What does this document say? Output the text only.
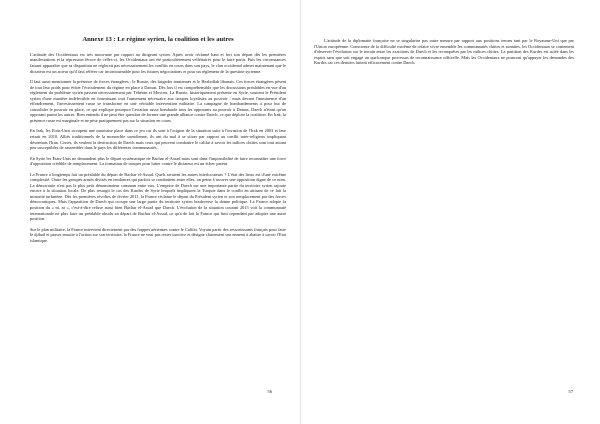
Annexe 13 : Le régime syrien, la coalition et les autres

L'attitude des Occidentaux est très mouvante par rapport au dirigeant syrien. Après avoir réclamé haut et fort son départ dès les premières manifestations et la répression féroce de celles-ci, les Occidentaux ont été particulièrement velléitaires pour le faire partir. Puis les circonstances faisant apparaître que sa disparition ne réglerait pas nécessairement les conflits en cours dans son pays, le clan occidental admet maintenant que le dictateur est un acteur qu'il faut référer car incontournable pour les futures négociations et pour un règlement de la question syrienne.

Il faut aussi mentionner la présence de forces étrangères : le Russie, des brigades iraniennes et le Hezbollah libanais. Ces forces étrangères pèsent de tout leur poids pour éviter l'écroulement du régime en place à Damas. Dès lors il est compréhensible que les discussions préalables en vue d'un règlement du problème syrien passent nécessairement par Téhéran et Moscou. La Russie, historiquement présente en Syrie, soutient le Président syrien d'une manière indéfectible en fournissant tout l'armement nécessaire aux troupes loyalistes au pouvoir ; mais devant l'imminence d'un effondrement, l'investissement russe se transforme en une véritable intervention militaire. La campagne de bombardements a pour but de consolider le pouvoir en place, ce qui explique pourquoi l'aviation russe bombarde tous les opposants au pouvoir à Damas, Daech n'étant qu'un opposant parmi les autres. Bien entendu il ne peut être question de former une grande alliance contre Daech, ce que déplore la coalition. En Irak, la présence russe est marginale et ne pèse pratiquement pas sur la situation en cours.

En Irak, les Etats-Unis occupent une mauvaise place dans ce jeu car ils sont à l'origine de la situation suite à l'invasion de l'Irak en 2003 et leur retrait en 2010. Alliés traditionnels de la monarchie saoudienne, ils ont du mal à se situer par rapport au conflit inter-religieux impliquant désormais l'Iran. Certes, ils veulent la destruction de Daech mais ceux qui peuvent combattre le califat à savoir les milices chiites sont tout autant peu susceptibles de rassembler dans le pays les différentes communautés.

En Syrie les Etats-Unis ne demandent plus le départ systématique de Bachar el-Assad mais sont dans l'impossibilité de faire reconnaître une force d'opposition crédible de remplacement. La formation de troupes pour lutter contre le dictateur est un échec patent.

La France a longtemps fait un préalable du départ de Bachar el-Assad. Quels seraient les autres interlocuteurs ? L'état des lieux est d'une extrême complexité. Outre les groupes armés divisés en tendances qui parfois se combattent entre elles, on peine à trouver une opposition digne de ce nom. La démocratie n'est pas le plus petit dénominateur commun entre eux. L'emprise de Daech sur une importante partie du territoire syrien rajoute encore à la situation locale. De plus resurgit le cas des Kurdes de Syrie lesquels impliquent la Turquie dans le conflit en attisant de ce fait la minorité turkmène. Dès les premières révoltes de février 2011, la France réclame le départ du Président syrien et son remplacement par des forces démocratiques. Mais l'apparition de Daech qui occupe une large partie du territoire syrien bouleverse la donne politique. La France adopte la position du « ni, ni », c'est-à-dire refuse aussi bien Bachar el-Assad que Daech. L'évolution de la situation courant 2015 voit la communauté internationale ne plus faire un préalable absolu au départ de Bachar el-Assad, ce qu'a de fait la France qui finit cependant par adopter une autre position.

Sur le plan militaire, la France intervient directement par des frappes aériennes contre le Califat. Voyant partir des ressortissants français pour faire le djihad et passer ensuite à l'action sur son territoire, la France ne veut pas rester inactive et désigne clairement son ennemi à abattre à savoir l'Etat islamique.

56

L'attitude de la diplomatie française ne se singularise pas outre mesure par rapport aux positions tenues tant par le Royaume-Uni que par l'Union européenne. Consciente de la difficulté extrême de refaire vivre ensemble les communautés chiites et sunnites, les Occidentaux se contentent d'observer l'évolution sur le terrain entre les exactions de Daech et les reconquêtes par les milices chiites. La partition des Kurdes est actée dans les esprits sans que soit engagé un quelconque processus de reconnaissance officielle. Mais les Occidentaux ne pourront qu'appuyer les demandes des Kurdes car ces derniers luttent efficacement contre Daech.

57
